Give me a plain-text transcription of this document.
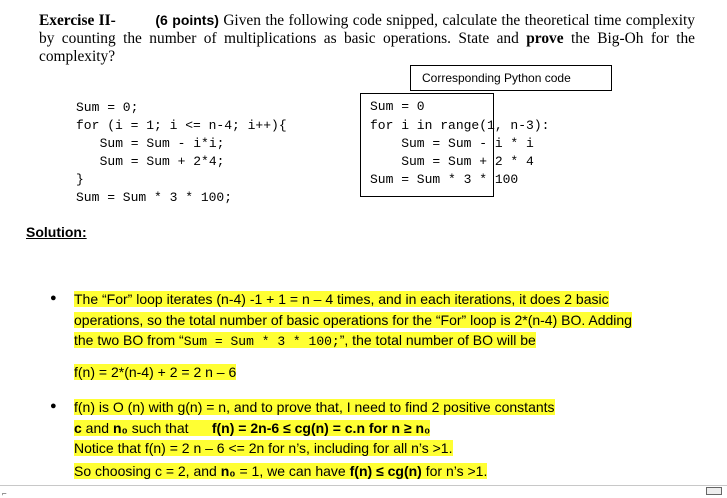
Exercise II-	(6 points) Given the following code snipped, calculate the theoretical time complexity by counting the number of multiplications as basic operations. State and prove the Big-Oh for the complexity?
Sum = 0;
for (i = 1; i <= n-4; i++){
Sum = Sum - i*i;
Sum = Sum + 2*4;
}
Sum = Sum * 3 * 100;
Corresponding Python code
Sum = 0
for i in range(1, n-3):
Sum = Sum - i * i
Sum = Sum + 2 * 4
Sum = Sum * 3 * 100
Solution:
● The “For” loop iterates (n-4) -1 + 1 = n – 4 times, and in each iterations, it does 2 basic
operations, so the total number of basic operations for the “For” loop is 2*(n-4) BO. Adding
the two BO from “Sum = Sum * 3 * 100;”, the total number of BO will be
f(n) = 2*(n-4) + 2 = 2 n – 6
● f(n) is O (n) with g(n) = n, and to prove that, I need to find 2 positive constants
c and n₀ such that      f(n) = 2n-6 ≤ cg(n) = c.n for n ≥ n₀
Notice that f(n) = 2 n – 6 <= 2n for n’s, including for all n’s >1.
So choosing c = 2, and n₀ = 1, we can have f(n) ≤ cg(n) for n’s >1.
⌐
